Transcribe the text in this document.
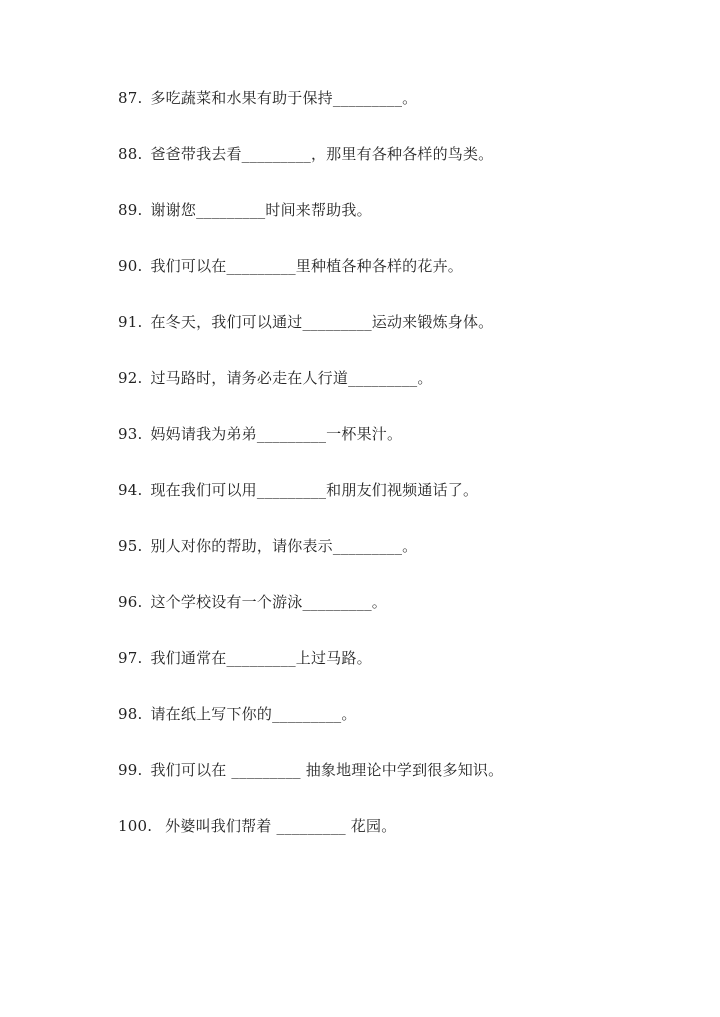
87. 多吃蔬菜和水果有助于保持_________。
88. 爸爸带我去看_________，那里有各种各样的鸟类。
89. 谢谢您_________时间来帮助我。
90. 我们可以在_________里种植各种各样的花卉。
91. 在冬天，我们可以通过_________运动来锻炼身体。
92. 过马路时，请务必走在人行道_________。
93. 妈妈请我为弟弟_________一杯果汁。
94. 现在我们可以用_________和朋友们视频通话了。
95. 别人对你的帮助，请你表示_________。
96. 这个学校设有一个游泳_________。
97. 我们通常在_________上过马路。
98. 请在纸上写下你的_________。
99. 我们可以在 _________ 抽象地理论中学到很多知识。
100. 外婆叫我们帮着 _________ 花园。
